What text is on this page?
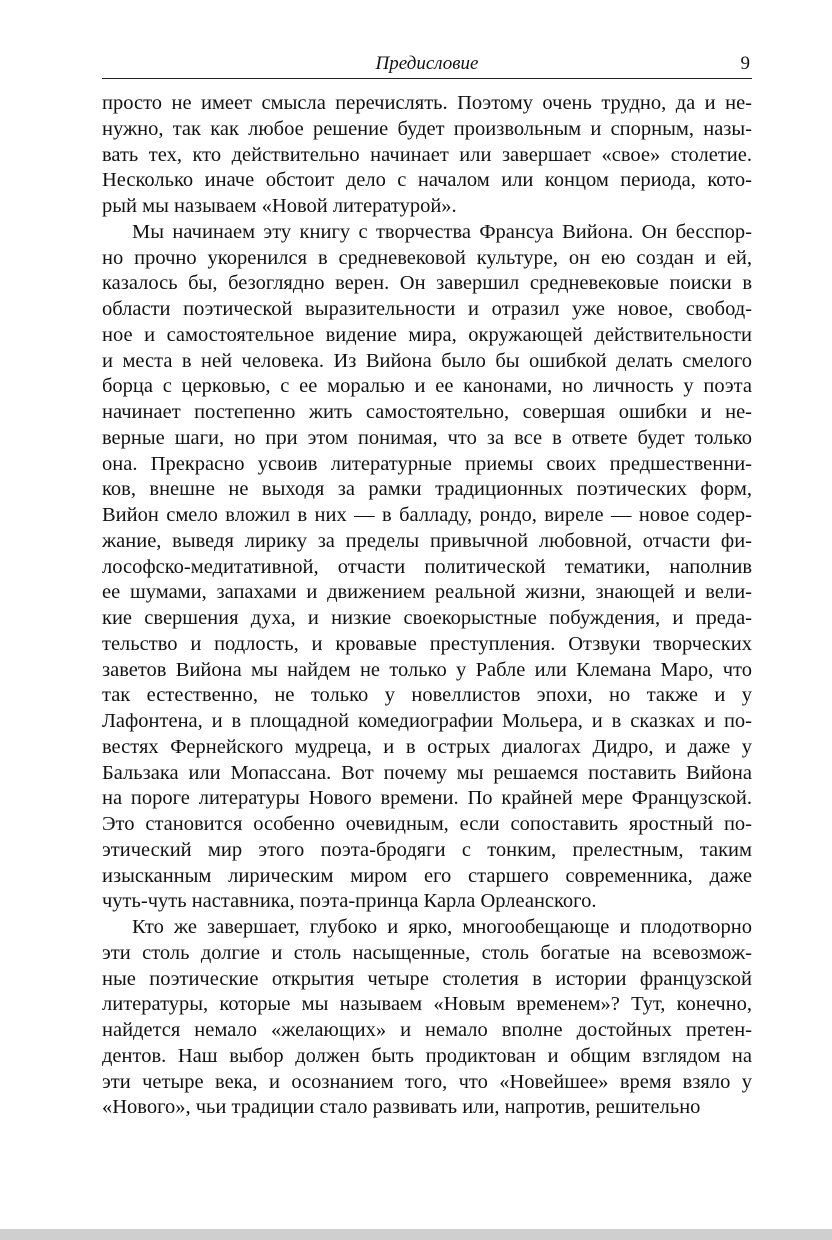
Предисловие	9
просто не имеет смысла перечислять. Поэтому очень трудно, да и не-
нужно, так как любое решение будет произвольным и спорным, назы-
вать тех, кто действительно начинает или завершает «свое» столетие.
Несколько иначе обстоит дело с началом или концом периода, кото-
рый мы называем «Новой литературой».
Мы начинаем эту книгу с творчества Франсуа Вийона. Он бесспор-
но прочно укоренился в средневековой культуре, он ею создан и ей,
казалось бы, безоглядно верен. Он завершил средневековые поиски в
области поэтической выразительности и отразил уже новое, свобод-
ное и самостоятельное видение мира, окружающей действительности
и места в ней человека. Из Вийона было бы ошибкой делать смелого
борца с церковью, с ее моралью и ее канонами, но личность у поэта
начинает постепенно жить самостоятельно, совершая ошибки и не-
верные шаги, но при этом понимая, что за все в ответе будет только
она. Прекрасно усвоив литературные приемы своих предшественни-
ков, внешне не выходя за рамки традиционных поэтических форм,
Вийон смело вложил в них — в балладу, рондо, виреле — новое содер-
жание, выведя лирику за пределы привычной любовной, отчасти фи-
лософско-медитативной, отчасти политической тематики, наполнив
ее шумами, запахами и движением реальной жизни, знающей и вели-
кие свершения духа, и низкие своекорыстные побуждения, и преда-
тельство и подлость, и кровавые преступления. Отзвуки творческих
заветов Вийона мы найдем не только у Рабле или Клемана Маро, что
так естественно, не только у новеллистов эпохи, но также и у
Лафонтена, и в площадной комедиографии Мольера, и в сказках и по-
вестях Фернейского мудреца, и в острых диалогах Дидро, и даже у
Бальзака или Мопассана. Вот почему мы решаемся поставить Вийона
на пороге литературы Нового времени. По крайней мере Французской.
Это становится особенно очевидным, если сопоставить яростный по-
этический мир этого поэта-бродяги с тонким, прелестным, таким
изысканным лирическим миром его старшего современника, даже
чуть-чуть наставника, поэта-принца Карла Орлеанского.
Кто же завершает, глубоко и ярко, многообещающе и плодотворно
эти столь долгие и столь насыщенные, столь богатые на всевозмож-
ные поэтические открытия четыре столетия в истории французской
литературы, которые мы называем «Новым временем»? Тут, конечно,
найдется немало «желающих» и немало вполне достойных претен-
дентов. Наш выбор должен быть продиктован и общим взглядом на
эти четыре века, и осознанием того, что «Новейшее» время взяло у
«Нового», чьи традиции стало развивать или, напротив, решительно
